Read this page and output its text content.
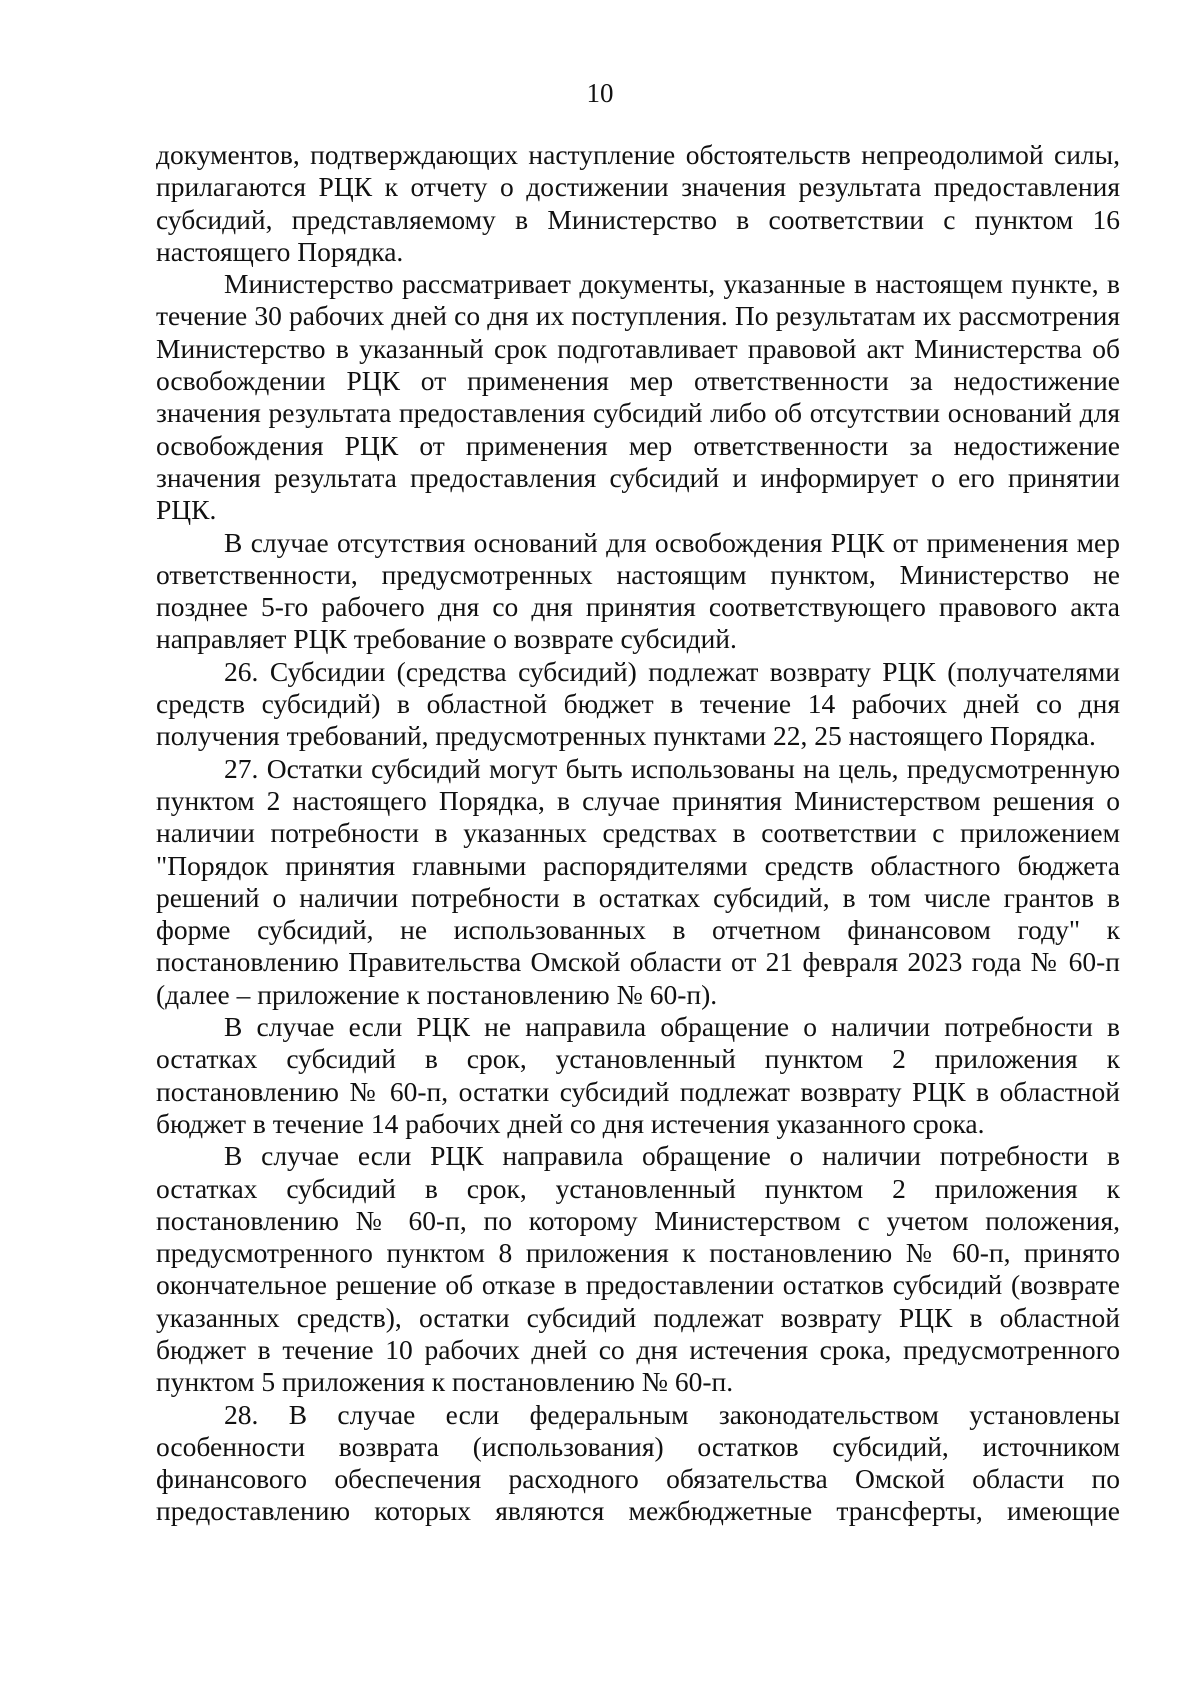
10

документов, подтверждающих наступление обстоятельств непреодолимой силы, прилагаются РЦК к отчету о достижении значения результата предоставления субсидий, представляемому в Министерство в соответствии с пунктом 16 настоящего Порядка.

Министерство рассматривает документы, указанные в настоящем пункте, в течение 30 рабочих дней со дня их поступления. По результатам их рассмотрения Министерство в указанный срок подготавливает правовой акт Министерства об освобождении РЦК от применения мер ответственности за недостижение значения результата предоставления субсидий либо об отсутствии оснований для освобождения РЦК от применения мер ответственности за недостижение значения результата предоставления субсидий и информирует о его принятии РЦК.

В случае отсутствия оснований для освобождения РЦК от применения мер ответственности, предусмотренных настоящим пунктом, Министерство не позднее 5-го рабочего дня со дня принятия соответствующего правового акта направляет РЦК требование о возврате субсидий.

26. Субсидии (средства субсидий) подлежат возврату РЦК (получателями средств субсидий) в областной бюджет в течение 14 рабочих дней со дня получения требований, предусмотренных пунктами 22, 25 настоящего Порядка.

27. Остатки субсидий могут быть использованы на цель, предусмотренную пунктом 2 настоящего Порядка, в случае принятия Министерством решения о наличии потребности в указанных средствах в соответствии с приложением "Порядок принятия главными распорядителями средств областного бюджета решений о наличии потребности в остатках субсидий, в том числе грантов в форме субсидий, не использованных в отчетном финансовом году" к постановлению Правительства Омской области от 21 февраля 2023 года № 60-п (далее – приложение к постановлению № 60-п).

В случае если РЦК не направила обращение о наличии потребности в остатках субсидий в срок, установленный пунктом 2 приложения к постановлению № 60-п, остатки субсидий подлежат возврату РЦК в областной бюджет в течение 14 рабочих дней со дня истечения указанного срока.

В случае если РЦК направила обращение о наличии потребности в остатках субсидий в срок, установленный пунктом 2 приложения к постановлению № 60-п, по которому Министерством с учетом положения, предусмотренного пунктом 8 приложения к постановлению № 60-п, принято окончательное решение об отказе в предоставлении остатков субсидий (возврате указанных средств), остатки субсидий подлежат возврату РЦК в областной бюджет в течение 10 рабочих дней со дня истечения срока, предусмотренного пунктом 5 приложения к постановлению № 60-п.

28. В случае если федеральным законодательством установлены особенности возврата (использования) остатков субсидий, источником финансового обеспечения расходного обязательства Омской области по предоставлению которых являются межбюджетные трансферты, имеющие
